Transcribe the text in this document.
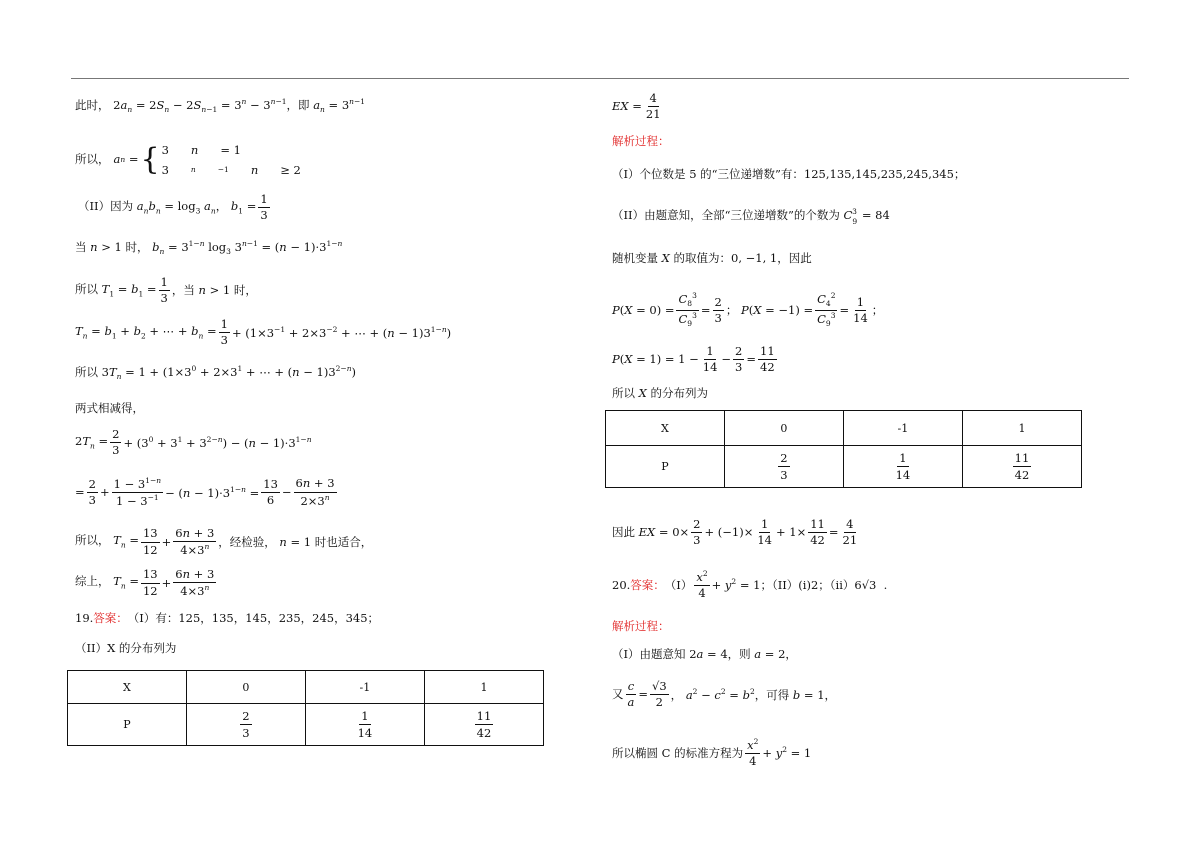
此时， $2a_n = 2S_n - 2S_{n-1} = 3^n - 3^{n-1}$，即 $a_n = 3^{n-1}$
所以， a n = { 3 n = 1
3	n	−1 n ≥ 2
（II）因为 $a_nb_n = \log_3 a_n$， $b_1 = \frac{1}{3}$
当 n > 1 时， $b_n = 3^{1-n}$ $\log_3 3^{n-1} = (n - 1)\cdot 3^{1-n}$
所以 $T_1 = b_1 = \frac{1}{3}$ ，当 n > 1 时，
$T_n = b_1 + b_2$ + ⋯ + $b_n = \frac{1}{3} + (1\times 3^{-1} + 2\times 3^{-2}$ + ⋯ + $(n - 1)3^{1-n}$)
所以 $3T_n = 1 + (1\times 3^0 + 2\times 3^1$ + ⋯ + $(n - 1)3^{2-n}$)
两式相减得，
$2T_n = \frac{2}{3} + (3^0 + 3^1 + 3^{2-n}) - (n - 1)\cdot 3^{1-n}$
= $\frac{2}{3} + \frac{1 - 3^{1-n}}{1 - 3^{-1}} - (n - 1)\cdot 3^{1-n} = \frac{13}{6} - \frac{6n + 3}{2\times 3^n}$
所以， $T_n = \frac{13}{12} + \frac{6n + 3}{4\times 3^n}$ ，经检验， n = 1 时也适合，
综上， $T_n = \frac{13}{12} + \frac{6n + 3}{4\times 3^n}$
19. 答案： （I）有：125，135，145，235，245，345；
（II）X 的分布列为
X	0	-1	1
P	$\frac{2}{3}$	$\frac{1}{14}$	$\frac{11}{42}$
EX = $\frac{4}{21}$
解析过程：
（I）个位数是 5 的“三位递增数”有：125,135,145,235,245,345；
（II）由题意知，全部“三位递增数”的个数为 $C_9^3 = 84$
随机变量 X 的取值为：0, −1, 1，因此
$P(X = 0) = \frac{C_8^3}{C_9^3} = \frac{2}{3}$ ； $P(X = -1) = \frac{C_4^2}{C_9^3} = \frac{1}{14}$ ；
$P(X = 1) = 1 - \frac{1}{14} - \frac{2}{3} = \frac{11}{42}$
所以 X 的分布列为
X	0	-1	1
P	$\frac{2}{3}$	$\frac{1}{14}$	$\frac{11}{42}$
因此 EX = $0\times \frac{2}{3} + (-1)\times \frac{1}{14} + 1\times \frac{11}{42} = \frac{4}{21}$
20. 答案： $(I) \frac{x^2}{4} + y^2 = 1$；（II）(ⅰ)2；（ii）6√3  .
解析过程：
（I）由题意知 2a = 4，则 a = 2，
又 $\frac{c}{a} = \frac{√3}{2}$ ， $a^2 - c^2 = b^2$，可得 b = 1，
所以椭圆 C 的标准方程为 $\frac{x^2}{4} + y^2 = 1$
